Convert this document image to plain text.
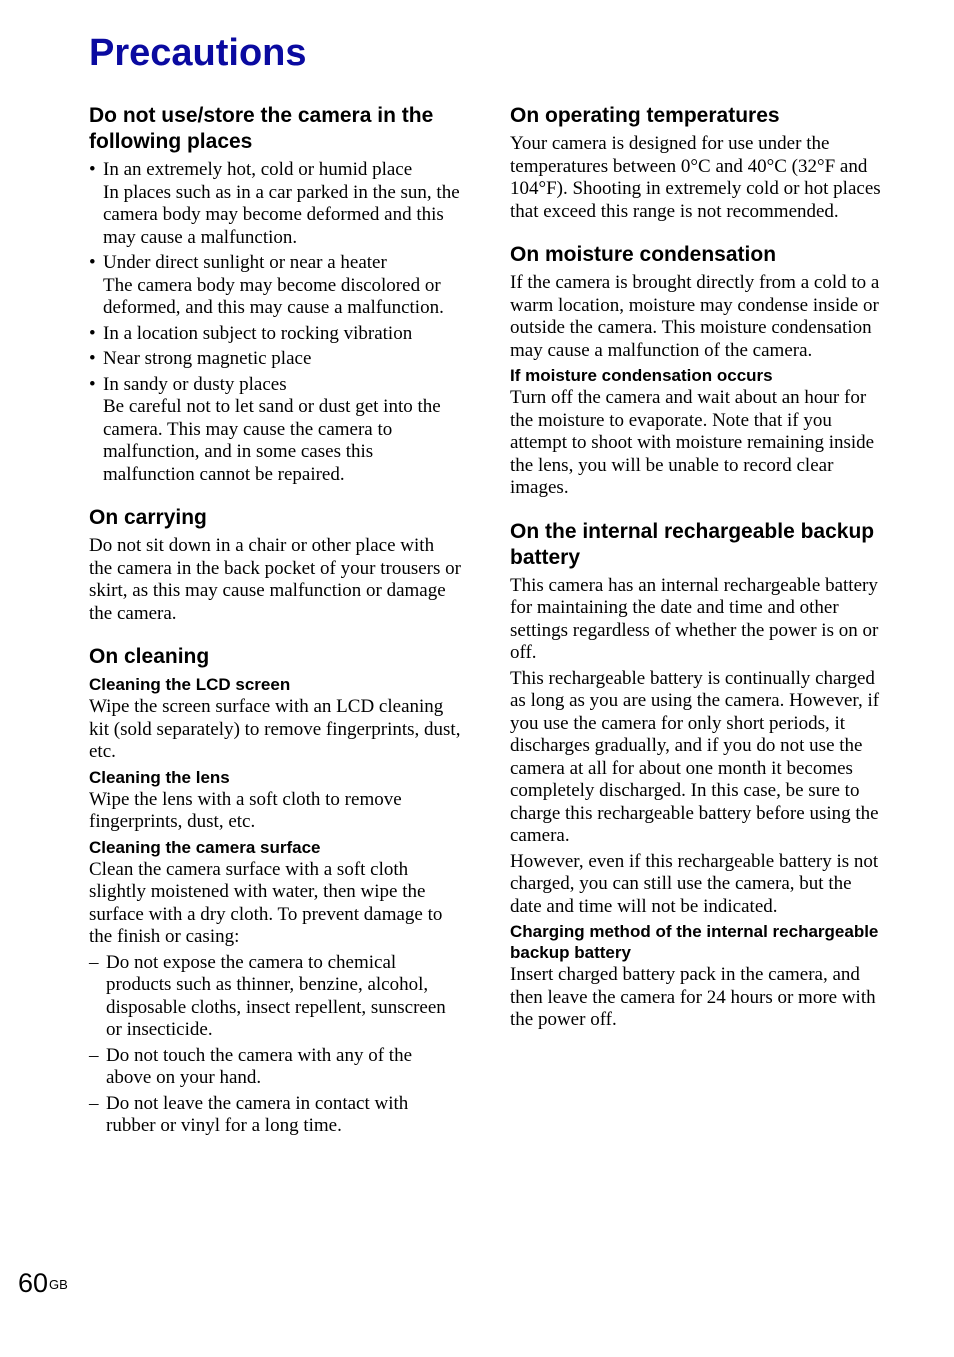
Precautions
Do not use/store the camera in the following places
• In an extremely hot, cold or humid place
In places such as in a car parked in the sun, the camera body may become deformed and this may cause a malfunction.
• Under direct sunlight or near a heater
The camera body may become discolored or deformed, and this may cause a malfunction.
• In a location subject to rocking vibration
• Near strong magnetic place
• In sandy or dusty places
Be careful not to let sand or dust get into the camera. This may cause the camera to malfunction, and in some cases this malfunction cannot be repaired.
On carrying

Do not sit down in a chair or other place with the camera in the back pocket of your trousers or skirt, as this may cause malfunction or damage the camera.

On cleaning
Cleaning the LCD screen

Wipe the screen surface with an LCD cleaning kit (sold separately) to remove fingerprints, dust, etc.

Cleaning the lens

Wipe the lens with a soft cloth to remove fingerprints, dust, etc.

Cleaning the camera surface

Clean the camera surface with a soft cloth slightly moistened with water, then wipe the surface with a dry cloth. To prevent damage to the finish or casing:

– Do not expose the camera to chemical products such as thinner, benzine, alcohol, disposable cloths, insect repellent, sunscreen or insecticide.
– Do not touch the camera with any of the above on your hand.
– Do not leave the camera in contact with rubber or vinyl for a long time.
On operating temperatures

Your camera is designed for use under the temperatures between 0°C and 40°C (32°F and 104°F). Shooting in extremely cold or hot places that exceed this range is not recommended.

On moisture condensation

If the camera is brought directly from a cold to a warm location, moisture may condense inside or outside the camera. This moisture condensation may cause a malfunction of the camera.

If moisture condensation occurs

Turn off the camera and wait about an hour for the moisture to evaporate. Note that if you attempt to shoot with moisture remaining inside the lens, you will be unable to record clear images.

On the internal rechargeable backup battery

This camera has an internal rechargeable battery for maintaining the date and time and other settings regardless of whether the power is on or off.

This rechargeable battery is continually charged as long as you are using the camera. However, if you use the camera for only short periods, it discharges gradually, and if you do not use the camera at all for about one month it becomes completely discharged. In this case, be sure to charge this rechargeable battery before using the camera.

However, even if this rechargeable battery is not charged, you can still use the camera, but the date and time will not be indicated.

Charging method of the internal rechargeable backup battery

Insert charged battery pack in the camera, and then leave the camera for 24 hours or more with the power off.

$60^{GB}$
